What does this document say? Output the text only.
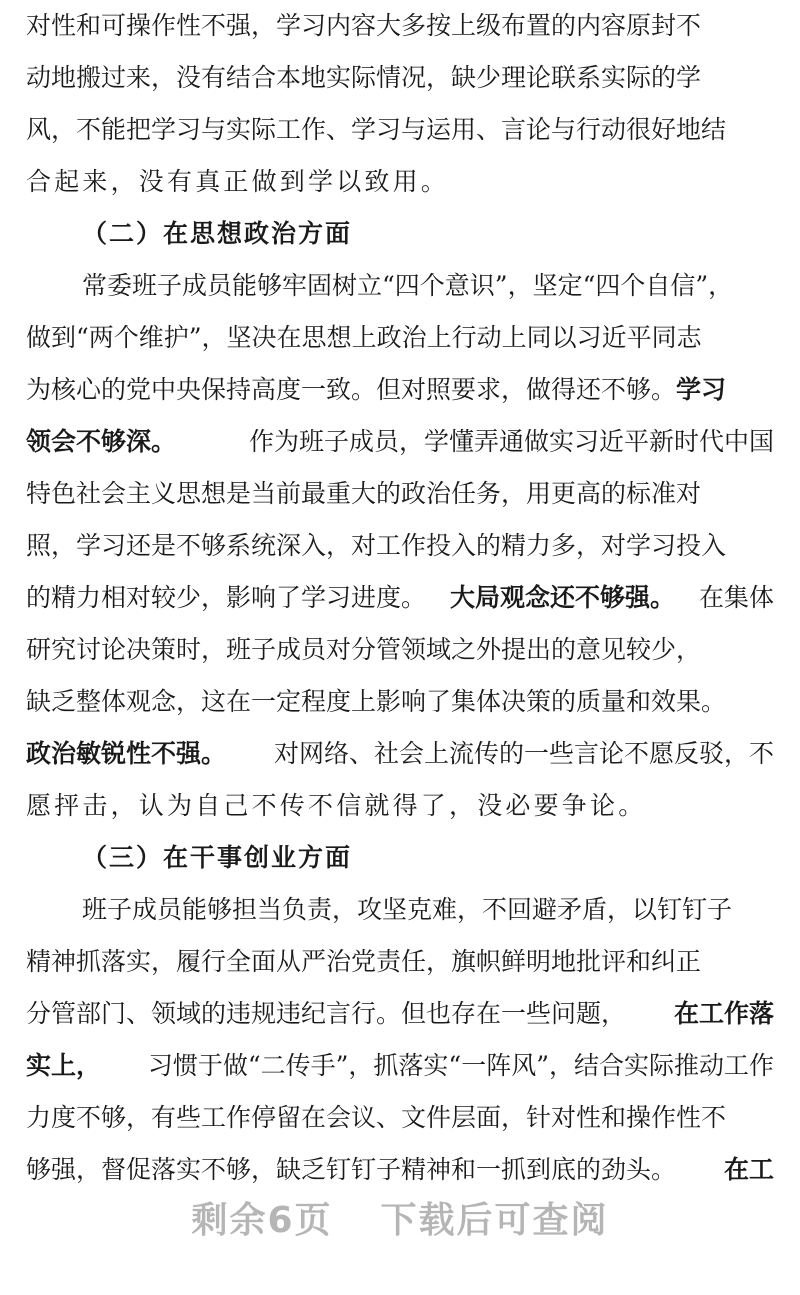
对性和可操作性不强，学习内容大多按上级布置的内容原封不
动地搬过来，没有结合本地实际情况，缺少理论联系实际的学
风，不能把学习与实际工作、学习与运用、言论与行动很好地结
合起来，没有真正做到学以致用。
（二）在思想政治方面
常委班子成员能够牢固树立“四个意识”，坚定“四个自信”，
做到“两个维护”，坚决在思想上政治上行动上同以习近平同志
为核心的党中央保持高度一致。但对照要求，做得还不够。学习
领会不够深。	作为班子成员，学懂弄通做实习近平新时代中国
特色社会主义思想是当前最重大的政治任务，用更高的标准对
照，学习还是不够系统深入，对工作投入的精力多，对学习投入
的精力相对较少，影响了学习进度。 大局观念还不够强。 在集体
研究讨论决策时，班子成员对分管领域之外提出的意见较少，
缺乏整体观念，这在一定程度上影响了集体决策的质量和效果。
政治敏锐性不强。 对网络、社会上流传的一些言论不愿反驳，不
愿抨击，认为自己不传不信就得了，没必要争论。
（三）在干事创业方面
班子成员能够担当负责，攻坚克难，不回避矛盾，以钉钉子
精神抓落实，履行全面从严治党责任，旗帜鲜明地批评和纠正
分管部门、领域的违规违纪言行。但也存在一些问题， 在工作落
实上， 习惯于做“二传手”，抓落实“一阵风”，结合实际推动工作
力度不够，有些工作停留在会议、文件层面，针对性和操作性不
够强，督促落实不够，缺乏钉钉子精神和一抓到底的劲头。 在工
剩余6页 下载后可查阅
